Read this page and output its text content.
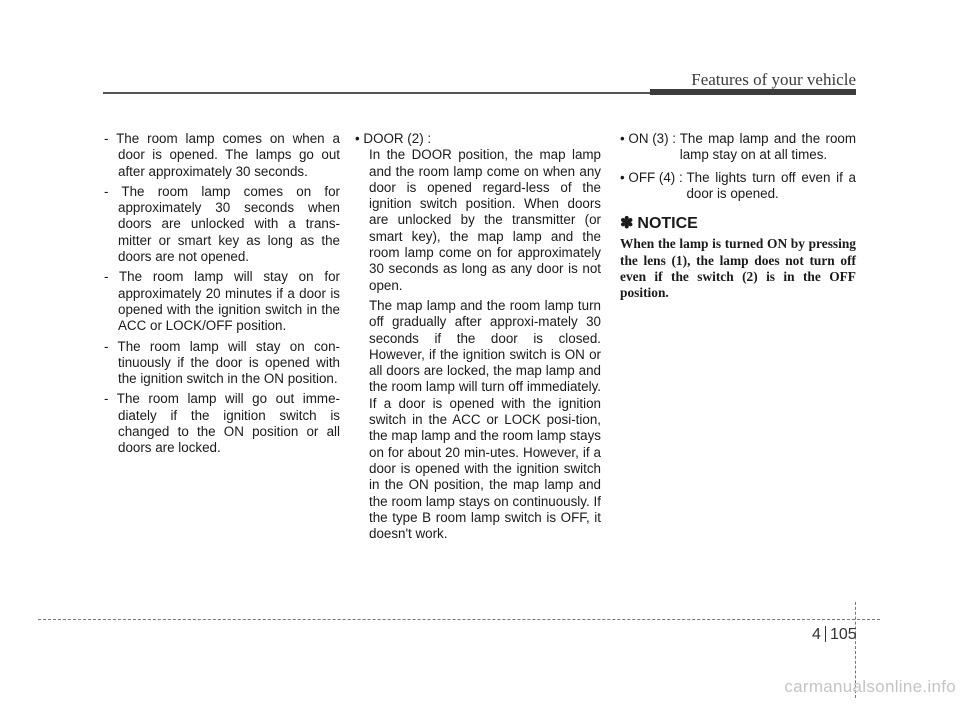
Features of your vehicle

- The room lamp comes on when a door is opened. The lamps go out after approximately 30 seconds.

- The room lamp comes on for approximately 30 seconds when doors are unlocked with a trans-mitter or smart key as long as the doors are not opened.

- The room lamp will stay on for approximately 20 minutes if a door is opened with the ignition switch in the ACC or LOCK/OFF position.

- The room lamp will stay on con-tinuously if the door is opened with the ignition switch in the ON position.

- The room lamp will go out imme-diately if the ignition switch is changed to the ON position or all doors are locked.

• DOOR (2) :

In the DOOR position, the map lamp and the room lamp come on when any door is opened regard-less of the ignition switch position. When doors are unlocked by the transmitter (or smart key), the map lamp and the room lamp come on for approximately 30 seconds as long as any door is not open.

The map lamp and the room lamp turn off gradually after approxi-mately 30 seconds if the door is closed. However, if the ignition switch is ON or all doors are locked, the map lamp and the room lamp will turn off immediately. If a door is opened with the ignition switch in the ACC or LOCK posi-tion, the map lamp and the room lamp stays on for about 20 min-utes. However, if a door is opened with the ignition switch in the ON position, the map lamp and the room lamp stays on continuously. If the type B room lamp switch is OFF, it doesn't work.

• ON (3) : The map lamp and the room lamp stay on at all times.
• OFF (4) : The lights turn off even if a door is opened.
✽ NOTICE

When the lamp is turned ON by pressing the lens (1), the lamp does not turn off even if the switch (2) is in the OFF position.

4 105
carmanualsonline.info
